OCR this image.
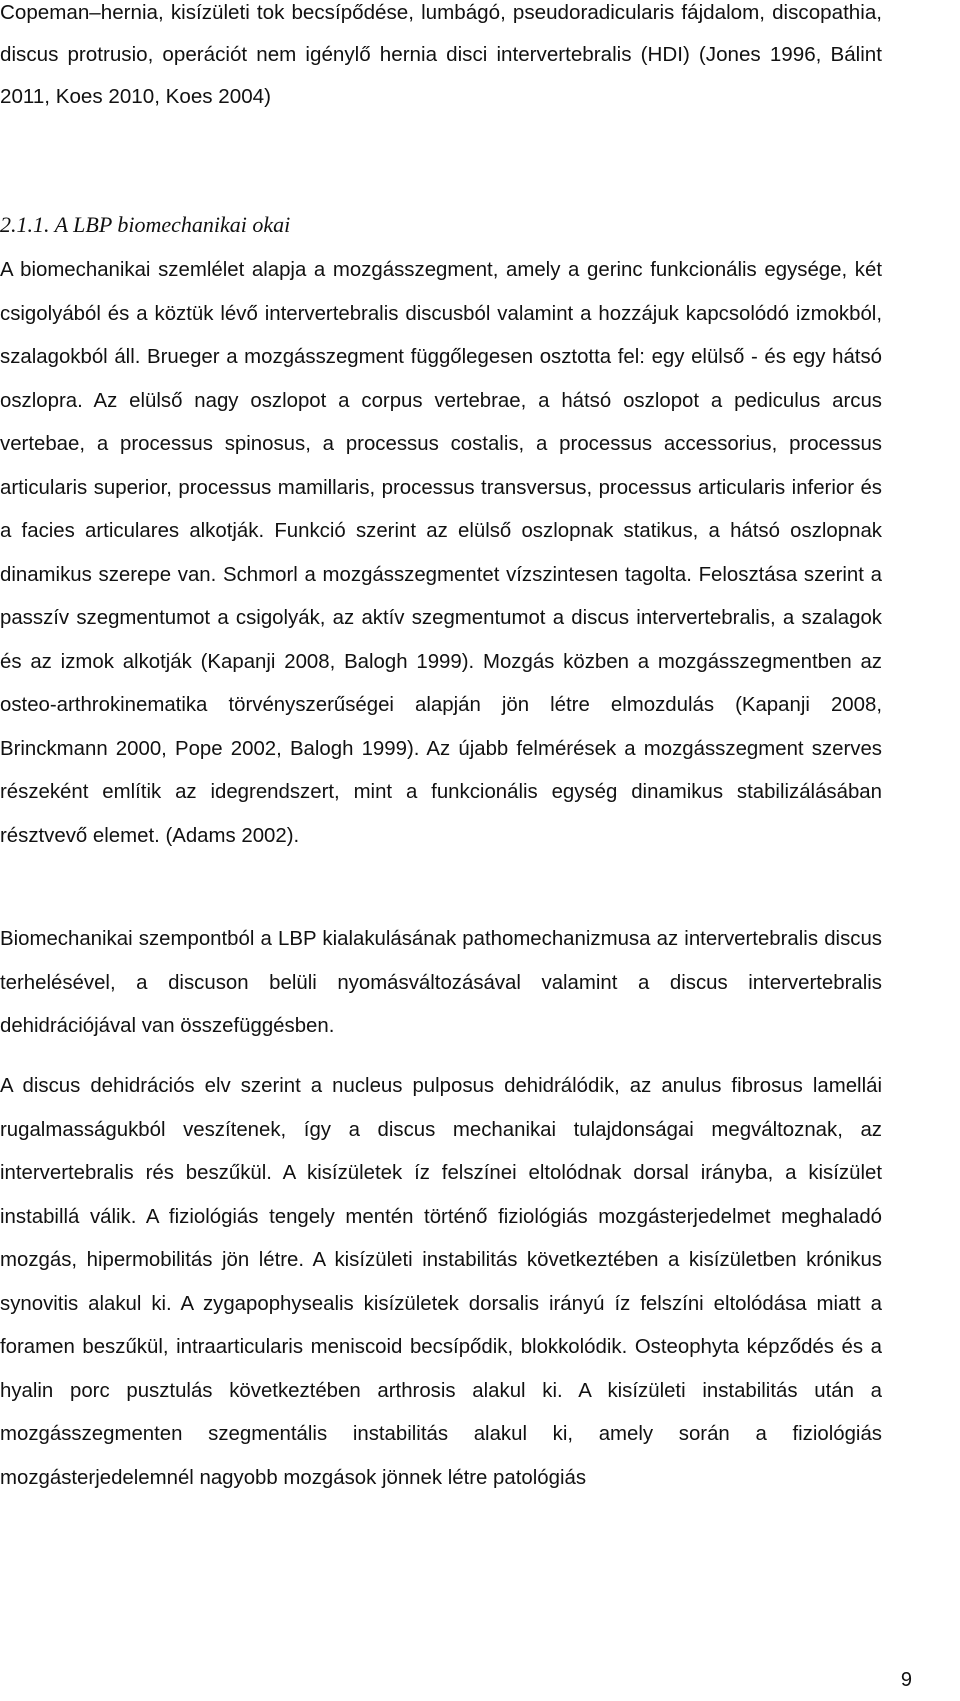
Copeman–hernia, kisízületi tok becsípődése, lumbágó, pseudoradicularis fájdalom, discopathia, discus protrusio, operációt nem igénylő hernia disci intervertebralis (HDI) (Jones 1996, Bálint 2011, Koes 2010, Koes 2004)
2.1.1. A LBP biomechanikai okai
A biomechanikai szemlélet alapja a mozgásszegment, amely a gerinc funkcionális egysége, két csigolyából és a köztük lévő intervertebralis discusból valamint a hozzájuk kapcsolódó izmokból, szalagokból áll. Brueger a mozgásszegment függőlegesen osztotta fel: egy elülső - és egy hátsó oszlopra. Az elülső nagy oszlopot a corpus vertebrae, a hátsó oszlopot a pediculus arcus vertebae, a processus spinosus, a processus costalis, a processus accessorius, processus articularis superior, processus mamillaris, processus transversus, processus articularis inferior és a facies articulares alkotják. Funkció szerint az elülső oszlopnak statikus, a hátsó oszlopnak dinamikus szerepe van. Schmorl a mozgásszegmentet vízszintesen tagolta. Felosztása szerint a passzív szegmentumot a csigolyák, az aktív szegmentumot a discus intervertebralis, a szalagok és az izmok alkotják (Kapanji 2008, Balogh 1999). Mozgás közben a mozgásszegmentben az osteo-arthrokinematika törvényszerűségei alapján jön létre elmozdulás (Kapanji 2008, Brinckmann 2000, Pope 2002, Balogh 1999). Az újabb felmérések a mozgásszegment szerves részeként említik az idegrendszert, mint a funkcionális egység dinamikus stabilizálásában résztvevő elemet. (Adams 2002).
Biomechanikai szempontból a LBP kialakulásának pathomechanizmusa az intervertebralis discus terhelésével, a discuson belüli nyomásváltozásával valamint a discus intervertebralis dehidrációjával van összefüggésben.
A discus dehidrációs elv szerint a nucleus pulposus dehidrálódik, az anulus fibrosus lamellái rugalmasságukból veszítenek, így a discus mechanikai tulajdonságai megváltoznak, az intervertebralis rés beszűkül. A kisízületek íz felszínei eltolódnak dorsal irányba, a kisízület instabillá válik. A fiziológiás tengely mentén történő fiziológiás mozgásterjedelmet meghaladó mozgás, hipermobilitás jön létre. A kisízületi instabilitás következtében a kisízületben krónikus synovitis alakul ki. A zygapophysealis kisízületek dorsalis irányú íz felszíni eltolódása miatt a foramen beszűkül, intraarticularis meniscoid becsípődik, blokkolódik. Osteophyta képződés és a hyalin porc pusztulás következtében arthrosis alakul ki. A kisízületi instabilitás után a mozgásszegmenten szegmentális instabilitás alakul ki, amely során a fiziológiás mozgásterjedelemnél nagyobb mozgások jönnek létre patológiás
9
